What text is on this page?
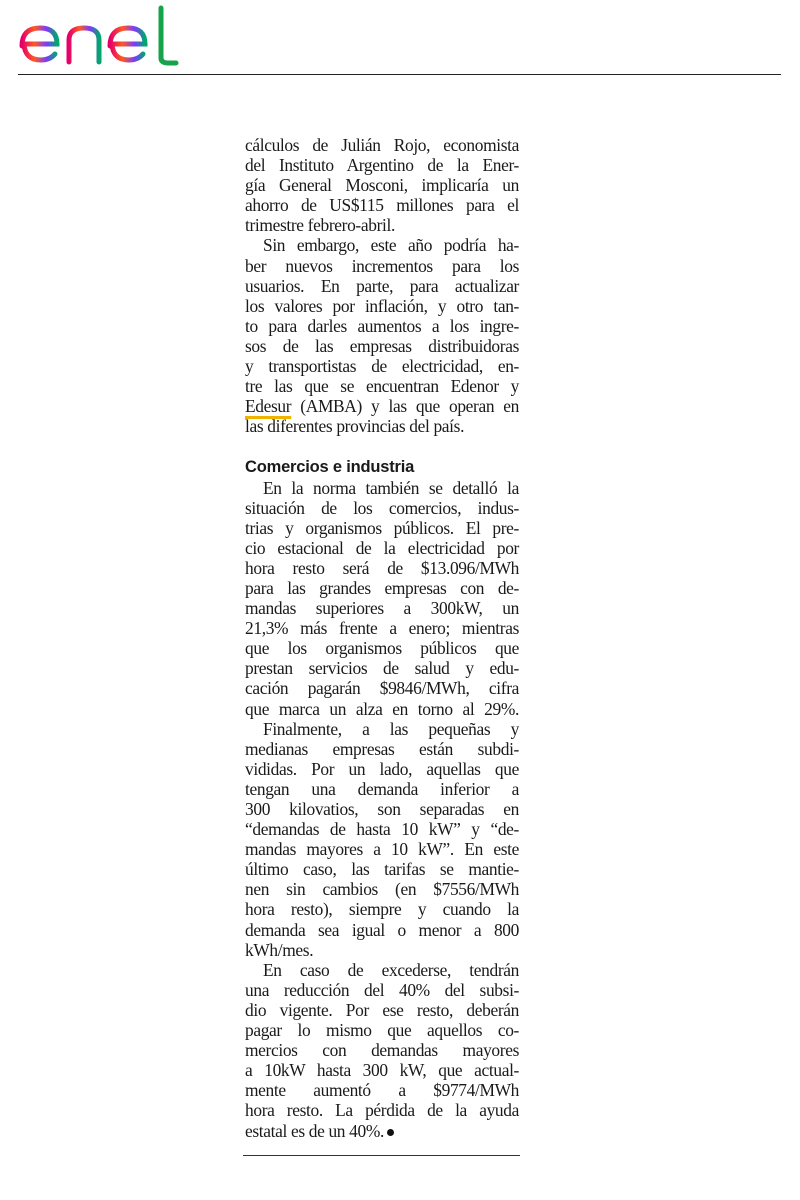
cálculos de Julián Rojo, economista
del Instituto Argentino de la Ener-
gía General Mosconi, implicaría un
ahorro de US$115 millones para el
trimestre febrero-abril.
Sin embargo, este año podría ha-
ber nuevos incrementos para los
usuarios. En parte, para actualizar
los valores por inflación, y otro tan-
to para darles aumentos a los ingre-
sos de las empresas distribuidoras
y transportistas de electricidad, en-
tre las que se encuentran Edenor y
Edesur (AMBA) y las que operan en
las diferentes provincias del país.
Comercios e industria
En la norma también se detalló la
situación de los comercios, indus-
trias y organismos públicos. El pre-
cio estacional de la electricidad por
hora resto será de $13.096/MWh
para las grandes empresas con de-
mandas superiores a 300kW, un
21,3% más frente a enero; mientras
que los organismos públicos que
prestan servicios de salud y edu-
cación pagarán $9846/MWh, cifra
que marca un alza en torno al 29%.
Finalmente, a las pequeñas y
medianas empresas están subdi-
vididas. Por un lado, aquellas que
tengan una demanda inferior a
300 kilovatios, son separadas en
“demandas de hasta 10 kW” y “de-
mandas mayores a 10 kW”. En este
último caso, las tarifas se mantie-
nen sin cambios (en $7556/MWh
hora resto), siempre y cuando la
demanda sea igual o menor a 800
kWh/mes.
En caso de excederse, tendrán
una reducción del 40% del subsi-
dio vigente. Por ese resto, deberán
pagar lo mismo que aquellos co-
mercios con demandas mayores
a 10kW hasta 300 kW, que actual-
mente aumentó a $9774/MWh
hora resto. La pérdida de la ayuda
estatal es de un 40%.
